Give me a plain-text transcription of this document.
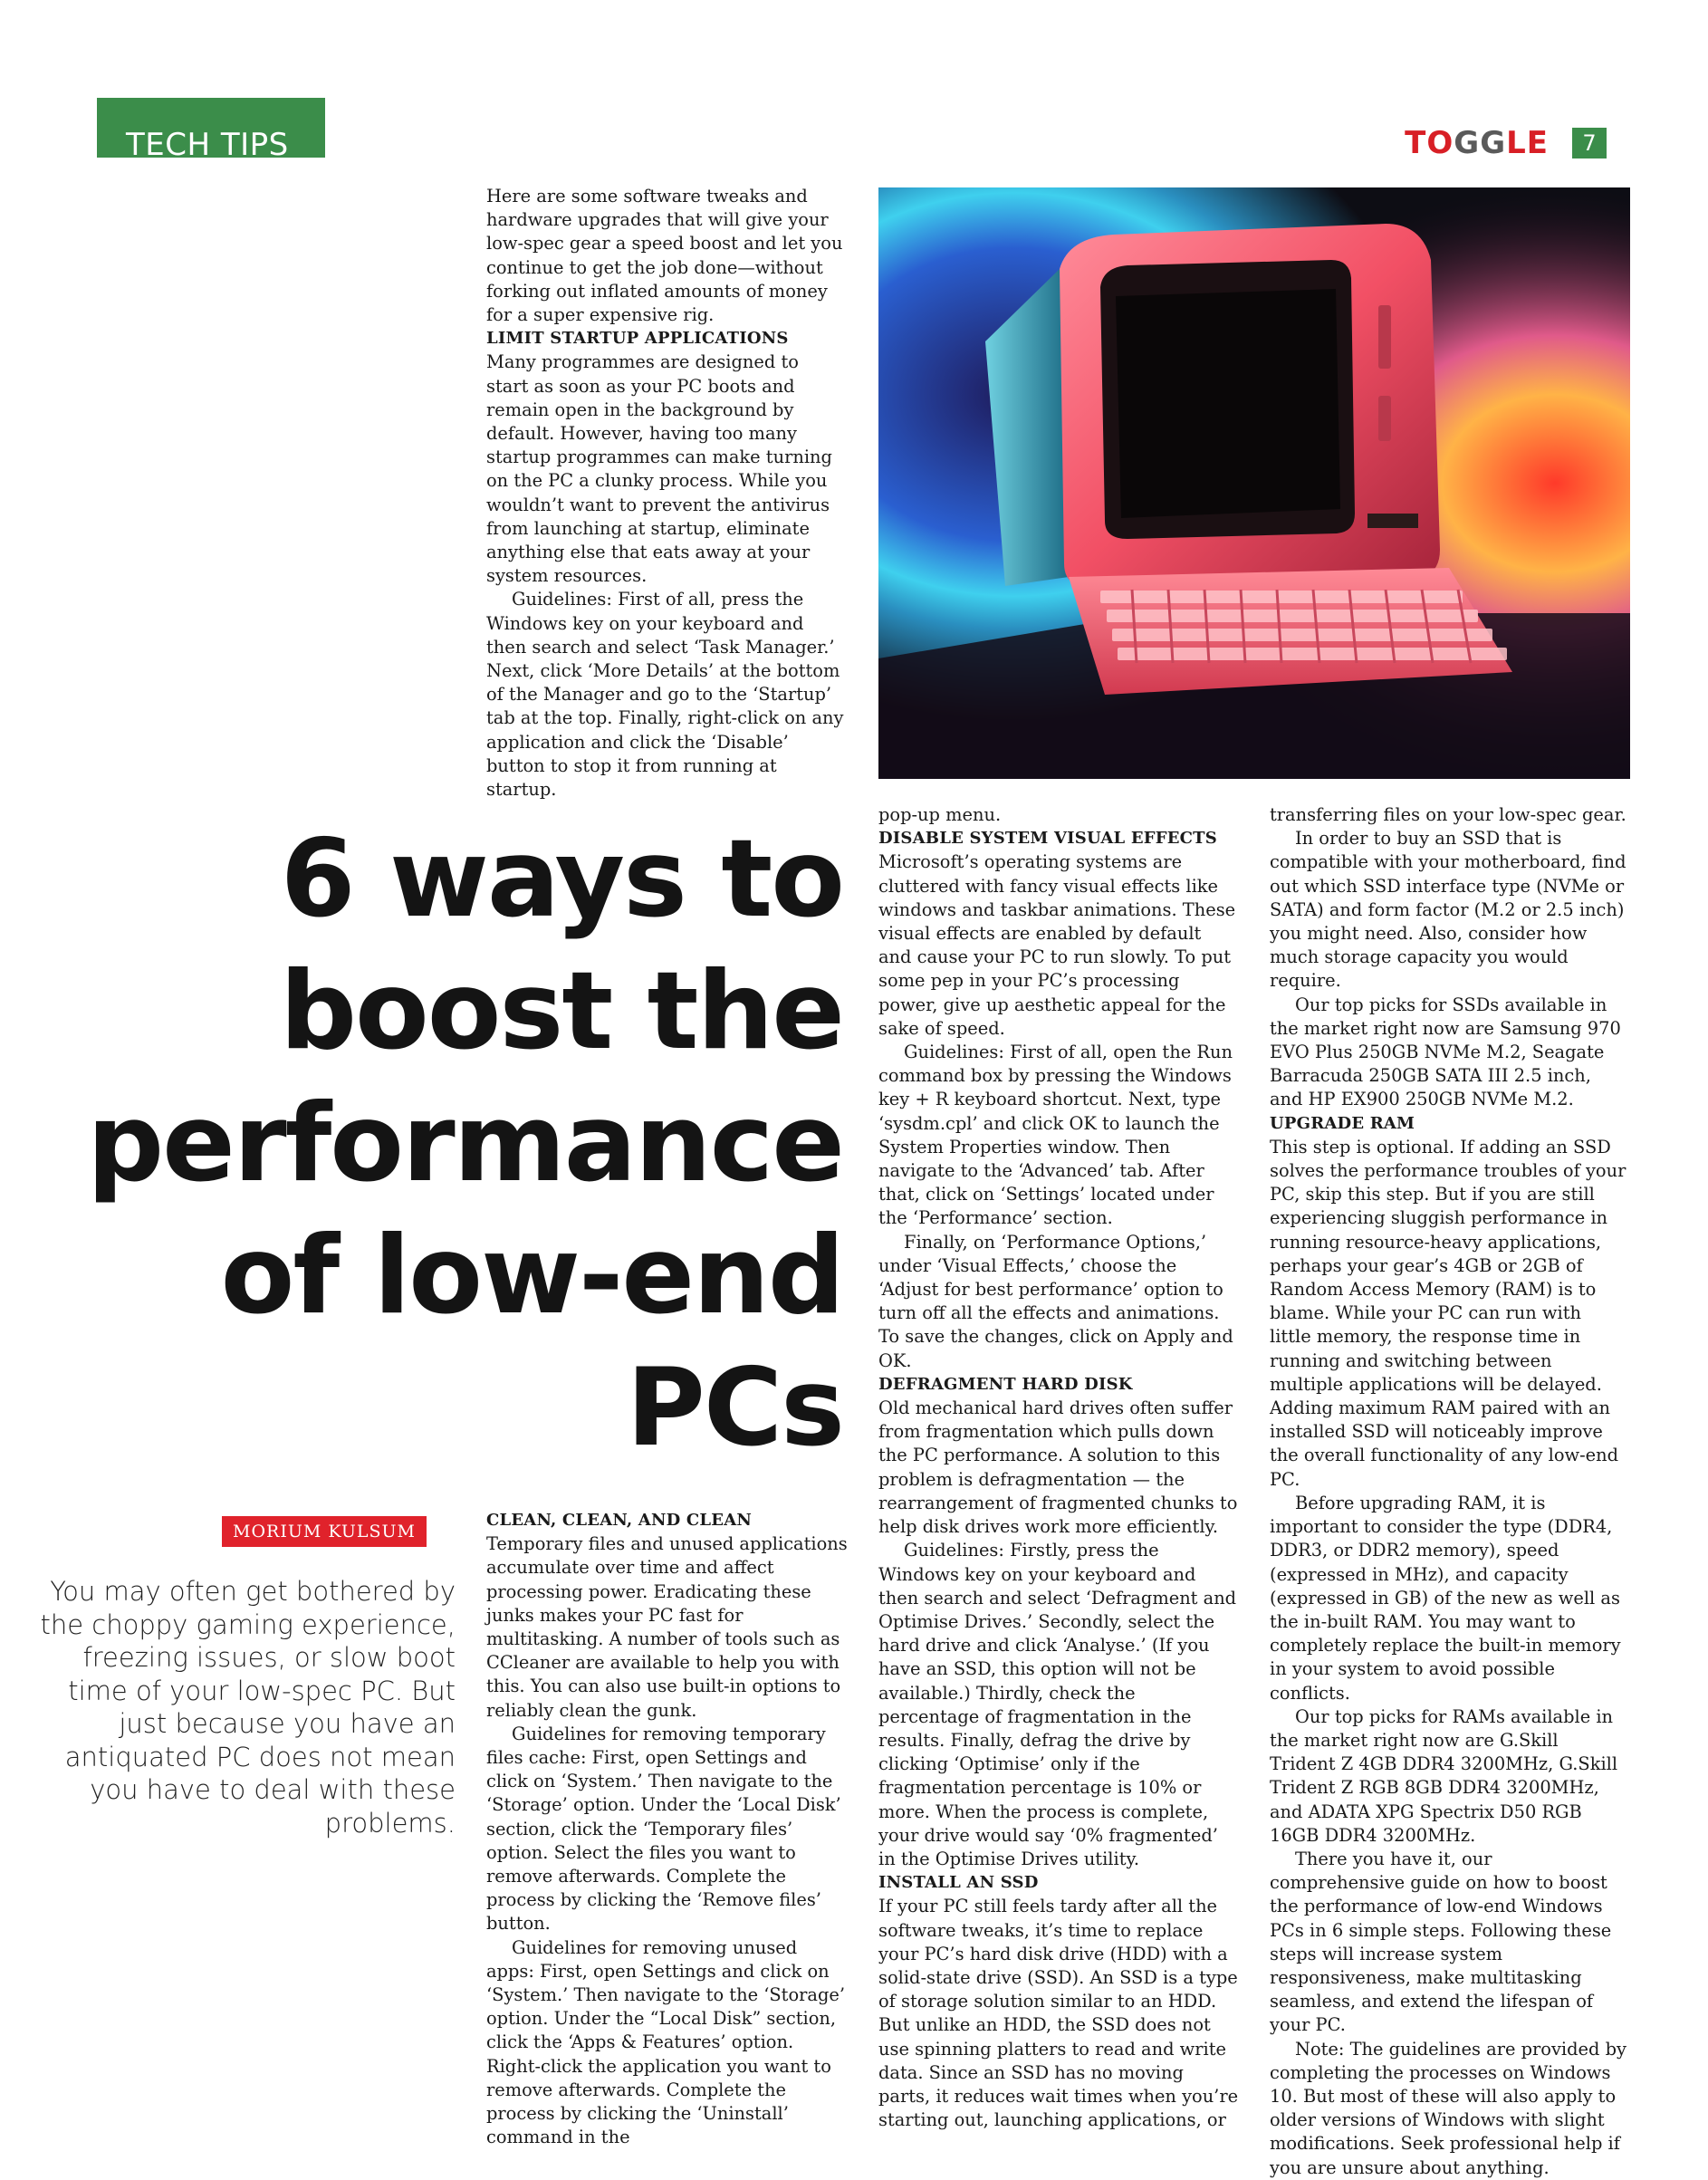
TECH TIPS	TOGGLE	7

Here are some software tweaks and hardware upgrades that will give your low-spec gear a speed boost and let you continue to get the job done—without forking out inflated amounts of money for a super expensive rig.

LIMIT STARTUP APPLICATIONS

Many programmes are designed to start as soon as your PC boots and remain open in the background by default. However, having too many startup programmes can make turning on the PC a clunky process. While you wouldn’t want to prevent the antivirus from launching at startup, eliminate anything else that eats away at your system resources.

Guidelines: First of all, press the Windows key on your keyboard and then search and select ‘Task Manager.’ Next, click ‘More Details’ at the bottom of the Manager and go to the ‘Startup’ tab at the top. Finally, right-click on any application and click the ‘Disable’ button to stop it from running at startup.

6 ways to
boost the
performance
of low-end
PCs
MORIUM KULSUM
You may often get bothered by the choppy gaming experience, freezing issues, or slow boot time of your low-spec PC. But just because you have an antiquated PC does not mean you have to deal with these problems.
CLEAN, CLEAN, AND CLEAN

Temporary files and unused applications accumulate over time and affect processing power. Eradicating these junks makes your PC fast for multitasking. A number of tools such as CCleaner are available to help you with this. You can also use built-in options to reliably clean the gunk.

Guidelines for removing temporary files cache: First, open Settings and click on ‘System.’ Then navigate to the ‘Storage’ option. Under the ‘Local Disk’ section, click the ‘Temporary files’ option. Select the files you want to remove afterwards. Complete the process by clicking the ‘Remove files’ button.

Guidelines for removing unused apps: First, open Settings and click on ‘System.’ Then navigate to the ‘Storage’ option. Under the “Local Disk” section, click the ‘Apps & Features’ option. Right-click the application you want to remove afterwards. Complete the process by clicking the ‘Uninstall’ command in the

pop-up menu.

DISABLE SYSTEM VISUAL EFFECTS

Microsoft’s operating systems are cluttered with fancy visual effects like windows and taskbar animations. These visual effects are enabled by default and cause your PC to run slowly. To put some pep in your PC’s processing power, give up aesthetic appeal for the sake of speed.

Guidelines: First of all, open the Run command box by pressing the Windows key + R keyboard shortcut. Next, type ‘sysdm.cpl’ and click OK to launch the System Properties window. Then navigate to the ‘Advanced’ tab. After that, click on ‘Settings’ located under the ‘Performance’ section.

Finally, on ‘Performance Options,’ under ‘Visual Effects,’ choose the ‘Adjust for best performance’ option to turn off all the effects and animations. To save the changes, click on Apply and OK.

DEFRAGMENT HARD DISK

Old mechanical hard drives often suffer from fragmentation which pulls down the PC performance. A solution to this problem is defragmentation — the rearrangement of fragmented chunks to help disk drives work more efficiently.

Guidelines: Firstly, press the Windows key on your keyboard and then search and select ‘Defragment and Optimise Drives.’ Secondly, select the hard drive and click ‘Analyse.’ (If you have an SSD, this option will not be available.) Thirdly, check the percentage of fragmentation in the results. Finally, defrag the drive by clicking ‘Optimise’ only if the fragmentation percentage is 10% or more. When the process is complete, your drive would say ‘0% fragmented’ in the Optimise Drives utility.

INSTALL AN SSD

If your PC still feels tardy after all the software tweaks, it’s time to replace your PC’s hard disk drive (HDD) with a solid-state drive (SSD). An SSD is a type of storage solution similar to an HDD. But unlike an HDD, the SSD does not use spinning platters to read and write data. Since an SSD has no moving parts, it reduces wait times when you’re starting out, launching applications, or

transferring files on your low-spec gear.

In order to buy an SSD that is compatible with your motherboard, find out which SSD interface type (NVMe or SATA) and form factor (M.2 or 2.5 inch) you might need. Also, consider how much storage capacity you would require.

Our top picks for SSDs available in the market right now are Samsung 970 EVO Plus 250GB NVMe M.2, Seagate Barracuda 250GB SATA III 2.5 inch, and HP EX900 250GB NVMe M.2.

UPGRADE RAM

This step is optional. If adding an SSD solves the performance troubles of your PC, skip this step. But if you are still experiencing sluggish performance in running resource-heavy applications, perhaps your gear’s 4GB or 2GB of Random Access Memory (RAM) is to blame. While your PC can run with little memory, the response time in running and switching between multiple applications will be delayed. Adding maximum RAM paired with an installed SSD will noticeably improve the overall functionality of any low-end PC.

Before upgrading RAM, it is important to consider the type (DDR4, DDR3, or DDR2 memory), speed (expressed in MHz), and capacity (expressed in GB) of the new as well as the in-built RAM. You may want to completely replace the built-in memory in your system to avoid possible conflicts.

Our top picks for RAMs available in the market right now are G.Skill Trident Z 4GB DDR4 3200MHz, G.Skill Trident Z RGB 8GB DDR4 3200MHz, and ADATA XPG Spectrix D50 RGB 16GB DDR4 3200MHz.

There you have it, our comprehensive guide on how to boost the performance of low-end Windows PCs in 6 simple steps. Following these steps will increase system responsiveness, make multitasking seamless, and extend the lifespan of your PC.

Note: The guidelines are provided by completing the processes on Windows 10. But most of these will also apply to older versions of Windows with slight modifications. Seek professional help if you are unsure about anything.
